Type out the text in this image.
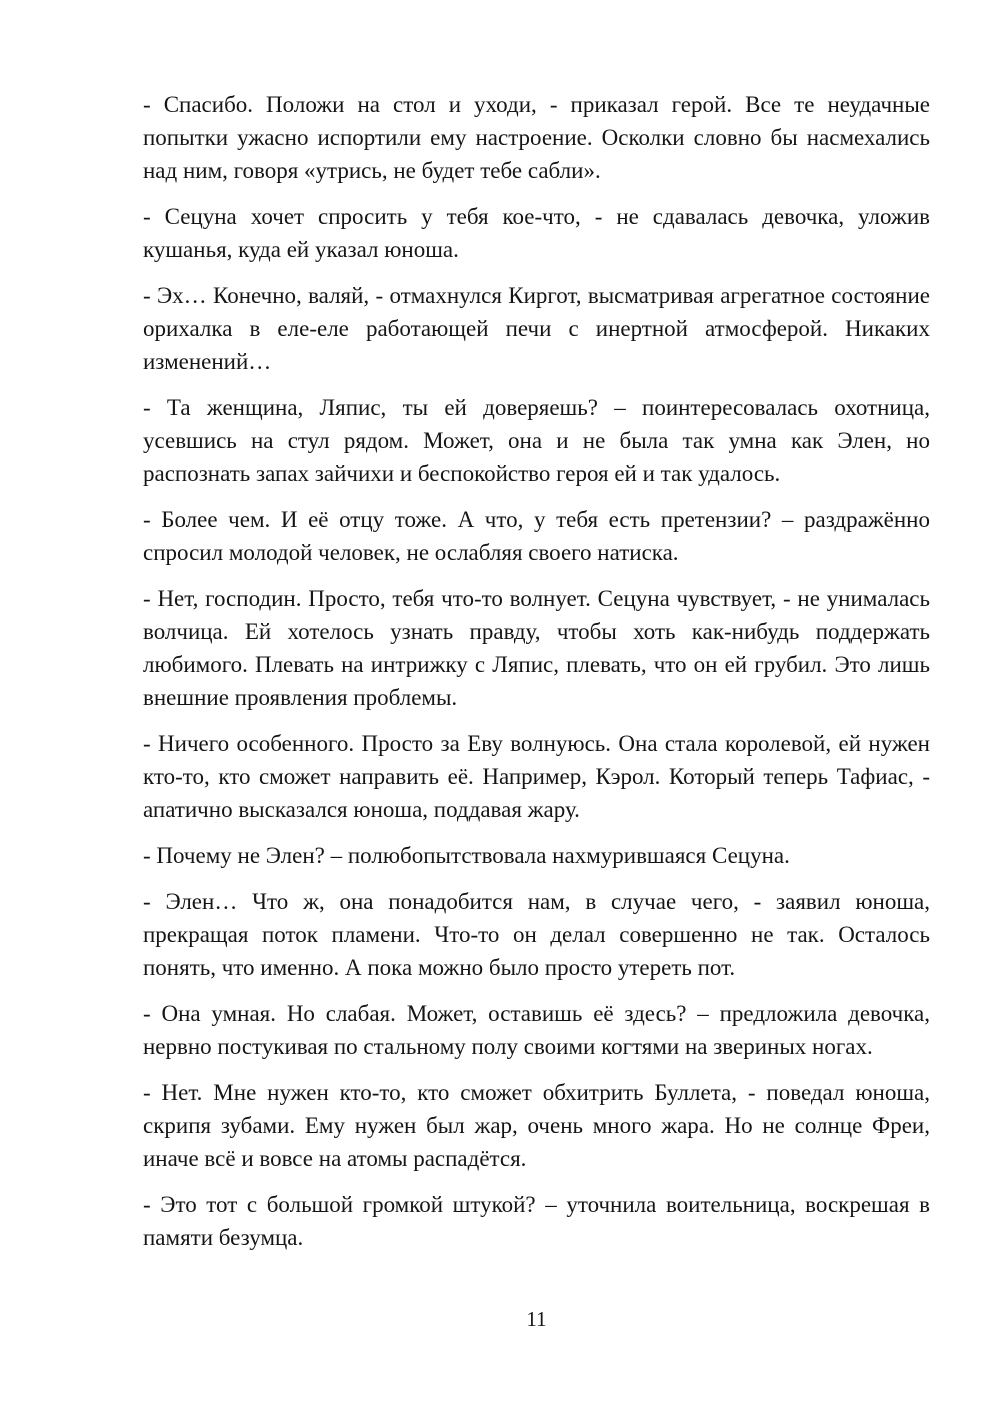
- Спасибо. Положи на стол и уходи, - приказал герой. Все те неудачные попытки ужасно испортили ему настроение. Осколки словно бы насмехались над ним, говоря «утрись, не будет тебе сабли».

- Сецуна хочет спросить у тебя кое-что, - не сдавалась девочка, уложив кушанья, куда ей указал юноша.

- Эх… Конечно, валяй, - отмахнулся Киргот, высматривая агрегатное состояние орихалка в еле-еле работающей печи с инертной атмосферой. Никаких изменений…

- Та женщина, Ляпис, ты ей доверяешь? – поинтересовалась охотница, усевшись на стул рядом. Может, она и не была так умна как Элен, но распознать запах зайчихи и беспокойство героя ей и так удалось.

- Более чем. И её отцу тоже. А что, у тебя есть претензии? – раздражённо спросил молодой человек, не ослабляя своего натиска.

- Нет, господин. Просто, тебя что-то волнует. Сецуна чувствует, - не унималась волчица. Ей хотелось узнать правду, чтобы хоть как-нибудь поддержать любимого. Плевать на интрижку с Ляпис, плевать, что он ей грубил. Это лишь внешние проявления проблемы.

- Ничего особенного. Просто за Еву волнуюсь. Она стала королевой, ей нужен кто-то, кто сможет направить её. Например, Кэрол. Который теперь Тафиас, - апатично высказался юноша, поддавая жару.

- Почему не Элен? – полюбопытствовала нахмурившаяся Сецуна.

- Элен… Что ж, она понадобится нам, в случае чего, - заявил юноша, прекращая поток пламени. Что-то он делал совершенно не так. Осталось понять, что именно. А пока можно было просто утереть пот.

- Она умная. Но слабая. Может, оставишь её здесь? – предложила девочка, нервно постукивая по стальному полу своими когтями на звериных ногах.

- Нет. Мне нужен кто-то, кто сможет обхитрить Буллета, - поведал юноша, скрипя зубами. Ему нужен был жар, очень много жара. Но не солнце Фреи, иначе всё и вовсе на атомы распадётся.

- Это тот с большой громкой штукой? – уточнила воительница, воскрешая в памяти безумца.

11
